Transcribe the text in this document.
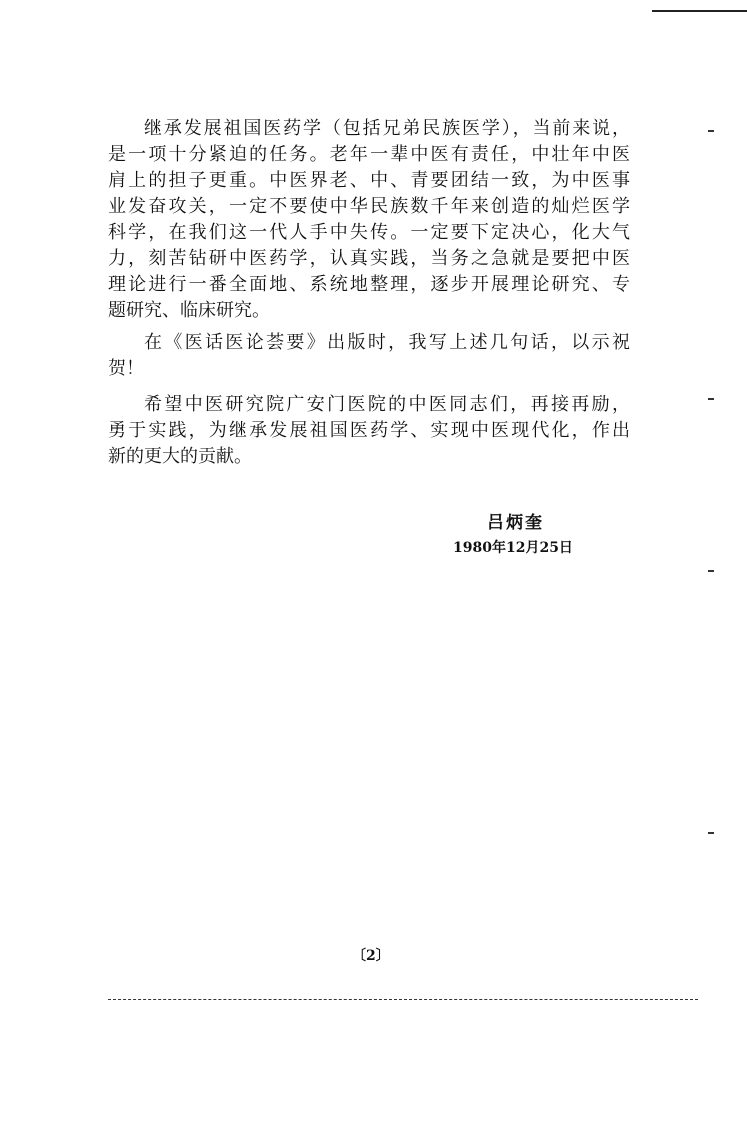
继承发展祖国医药学（包括兄弟民族医学），当前来说，
是一项十分紧迫的任务。老年一辈中医有责任，中壮年中医
肩上的担子更重。中医界老、中、青要团结一致，为中医事
业发奋攻关，一定不要使中华民族数千年来创造的灿烂医学
科学，在我们这一代人手中失传。一定要下定决心，化大气
力，刻苦钻研中医药学，认真实践，当务之急就是要把中医
理论进行一番全面地、系统地整理，逐步开展理论研究、专
题研究、临床研究。
在《医话医论荟要》出版时，我写上述几句话，以示祝
贺！
希望中医研究院广安门医院的中医同志们，再接再励，
勇于实践，为继承发展祖国医药学、实现中医现代化，作出
新的更大的贡献。
吕炳奎
1980年12月25日
〔2〕
